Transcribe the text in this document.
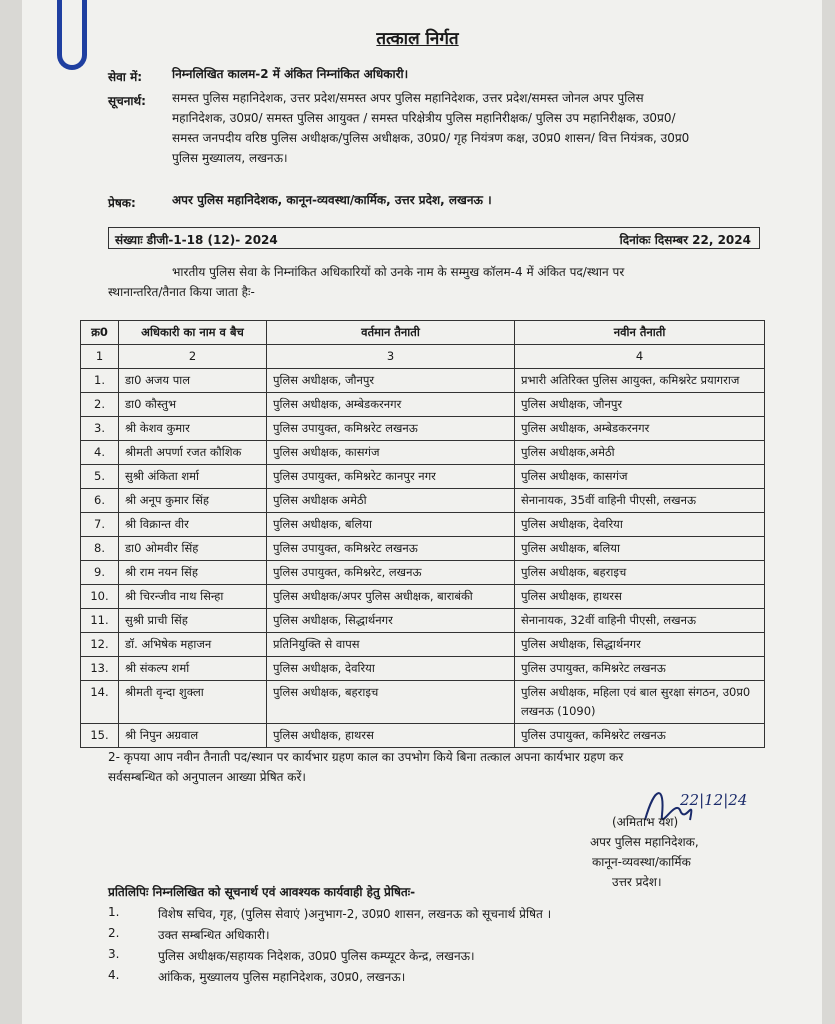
तत्काल निर्गत
सेवा में: निम्नलिखित कालम-2 में अंकित निम्नांकित अधिकारी।
सूचनार्थ: समस्त पुलिस महानिदेशक, उत्तर प्रदेश/समस्त अपर पुलिस महानिदेशक, उत्तर प्रदेश/समस्त जोनल अपर पुलिस
महानिदेशक, उ0प्र0/ समस्त पुलिस आयुक्त / समस्त परिक्षेत्रीय पुलिस महानिरीक्षक/ पुलिस उप महानिरीक्षक, उ0प्र0/
समस्त जनपदीय वरिष्ठ पुलिस अधीक्षक/पुलिस अधीक्षक, उ0प्र0/ गृह नियंत्रण कक्ष, उ0प्र0 शासन/ वित्त नियंत्रक, उ0प्र0
पुलिस मुख्यालय, लखनऊ।
प्रेषक:	अपर पुलिस महानिदेशक, कानून-व्यवस्था/कार्मिक, उत्तर प्रदेश, लखनऊ ।
संख्याः डीजी-1-18 (12)- 2024	दिनांकः दिसम्बर 22, 2024
भारतीय पुलिस सेवा के निम्नांकित अधिकारियों को उनके नाम के सम्मुख कॉलम-4 में अंकित पद/स्थान पर
स्थानान्तरित/तैनात किया जाता हैः-
क्र0	अधिकारी का नाम व बैच	वर्तमान तैनाती	नवीन तैनाती
1	2	3	4
1.	डा0 अजय पाल	पुलिस अधीक्षक, जौनपुर	प्रभारी अतिरिक्त पुलिस आयुक्त, कमिश्नरेट प्रयागराज
2.	डा0 कौस्तुभ	पुलिस अधीक्षक, अम्बेडकरनगर	पुलिस अधीक्षक, जौनपुर
3.	श्री केशव कुमार	पुलिस उपायुक्त, कमिश्नरेट लखनऊ	पुलिस अधीक्षक, अम्बेडकरनगर
4.	श्रीमती अपर्णा रजत कौशिक	पुलिस अधीक्षक, कासगंज	पुलिस अधीक्षक,अमेठी
5.	सुश्री अंकिता शर्मा	पुलिस उपायुक्त, कमिश्नरेट कानपुर नगर	पुलिस अधीक्षक, कासगंज
6.	श्री अनूप कुमार सिंह	पुलिस अधीक्षक अमेठी	सेनानायक, 35वीं वाहिनी पीएसी, लखनऊ
7.	श्री विक्रान्त वीर	पुलिस अधीक्षक, बलिया	पुलिस अधीक्षक, देवरिया
8.	डा0 ओमवीर सिंह	पुलिस उपायुक्त, कमिश्नरेट लखनऊ	पुलिस अधीक्षक, बलिया
9.	श्री राम नयन सिंह	पुलिस उपायुक्त, कमिश्नरेट, लखनऊ	पुलिस अधीक्षक, बहराइच
10.	श्री चिरन्जीव नाथ सिन्हा	पुलिस अधीक्षक/अपर पुलिस अधीक्षक, बाराबंकी	पुलिस अधीक्षक, हाथरस
11.	सुश्री प्राची सिंह	पुलिस अधीक्षक, सिद्धार्थनगर	सेनानायक, 32वीं वाहिनी पीएसी, लखनऊ
12.	डॉ. अभिषेक महाजन	प्रतिनियुक्ति से वापस	पुलिस अधीक्षक, सिद्धार्थनगर
13.	श्री संकल्प शर्मा	पुलिस अधीक्षक, देवरिया	पुलिस उपायुक्त, कमिश्नरेट लखनऊ
14.	श्रीमती वृन्दा शुक्ला	पुलिस अधीक्षक, बहराइच	पुलिस अधीक्षक, महिला एवं बाल सुरक्षा संगठन, उ0प्र0 लखनऊ (1090)
15.	श्री निपुन अग्रवाल	पुलिस अधीक्षक, हाथरस	पुलिस उपायुक्त, कमिश्नरेट लखनऊ
2- कृपया आप नवीन तैनाती पद/स्थान पर कार्यभार ग्रहण काल का उपभोग किये बिना तत्काल अपना कार्यभार ग्रहण कर
सर्वसम्बन्धित को अनुपालन आख्या प्रेषित करें।
22|12|24
(अमिताभ यश)
अपर पुलिस महानिदेशक,
कानून-व्यवस्था/कार्मिक
उत्तर प्रदेश।
प्रतिलिपिः निम्नलिखित को सूचनार्थ एवं आवश्यक कार्यवाही हेतु प्रेषितः-
1.	विशेष सचिव, गृह, (पुलिस सेवाएं )अनुभाग-2, उ0प्र0 शासन, लखनऊ को सूचनार्थ प्रेषित ।
2.	उक्त सम्बन्धित अधिकारी।
3.	पुलिस अधीक्षक/सहायक निदेशक, उ0प्र0 पुलिस कम्प्यूटर केन्द्र, लखनऊ।
4.	आंकिक, मुख्यालय पुलिस महानिदेशक, उ0प्र0, लखनऊ।
